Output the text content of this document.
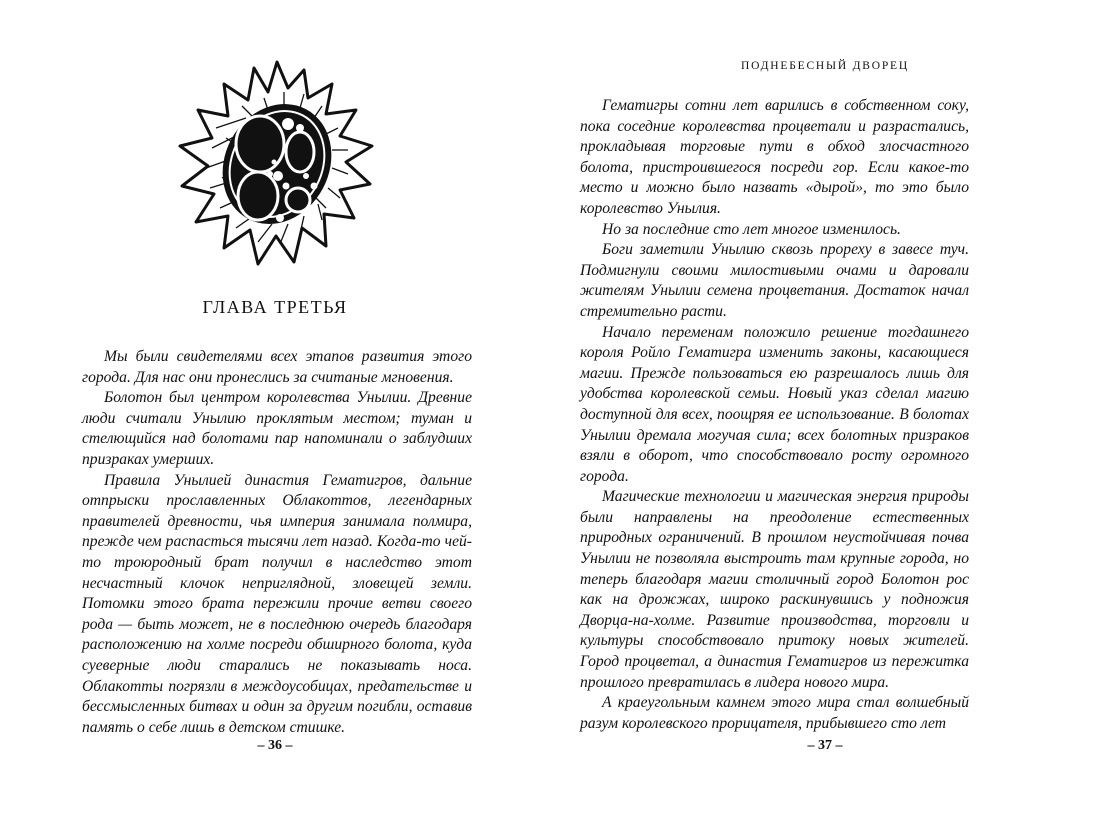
ГЛАВА ТРЕТЬЯ

Мы были свидетелями всех этапов развития этого города. Для нас они пронеслись за считаные мгновения.

Болотон был центром королевства Унылии. Древние люди считали Унылию проклятым местом; туман и стелющийся над болотами пар напоминали о заблудших призраках умерших.

Правила Унылией династия Гематигров, дальние отпрыски прославленных Облакоттов, легендарных правителей древности, чья империя занимала полмира, прежде чем распасться тысячи лет назад. Когда-то чей-то троюродный брат получил в наследство этот несчастный клочок неприглядной, зловещей земли. Потомки этого брата пережили прочие ветви своего рода — быть может, не в последнюю очередь благодаря расположению на холме посреди обширного болота, куда суеверные люди старались не показывать носа. Облакотты погрязли в междоусобицах, предательстве и бессмысленных битвах и один за другим погибли, оставив память о себе лишь в детском стишке.

– 36 –
ПОДНЕБЕСНЫЙ ДВОРЕЦ

Гематигры сотни лет варились в собственном соку, пока соседние королевства процветали и разрастались, прокладывая торговые пути в обход злосчастного болота, пристроившегося посреди гор. Если какое-то место и можно было назвать «дырой», то это было королевство Унылия.

Но за последние сто лет многое изменилось.

Боги заметили Унылию сквозь прореху в завесе туч. Подмигнули своими милостивыми очами и даровали жителям Унылии семена процветания. Достаток начал стремительно расти.

Начало переменам положило решение тогдашнего короля Ройло Гематигра изменить законы, касающиеся магии. Прежде пользоваться ею разрешалось лишь для удобства королевской семьи. Новый указ сделал магию доступной для всех, поощряя ее использование. В болотах Унылии дремала могучая сила; всех болотных призраков взяли в оборот, что способствовало росту огромного города.

Магические технологии и магическая энергия природы были направлены на преодоление естественных природных ограничений. В прошлом неустойчивая почва Унылии не позволяла выстроить там крупные города, но теперь благодаря магии столичный город Болотон рос как на дрожжах, широко раскинувшись у подножия Дворца-на-холме. Развитие производства, торговли и культуры способствовало притоку новых жителей. Город процветал, а династия Гематигров из пережитка прошлого превратилась в лидера нового мира.

А краеугольным камнем этого мира стал волшебный разум королевского прорицателя, прибывшего сто лет

– 37 –
